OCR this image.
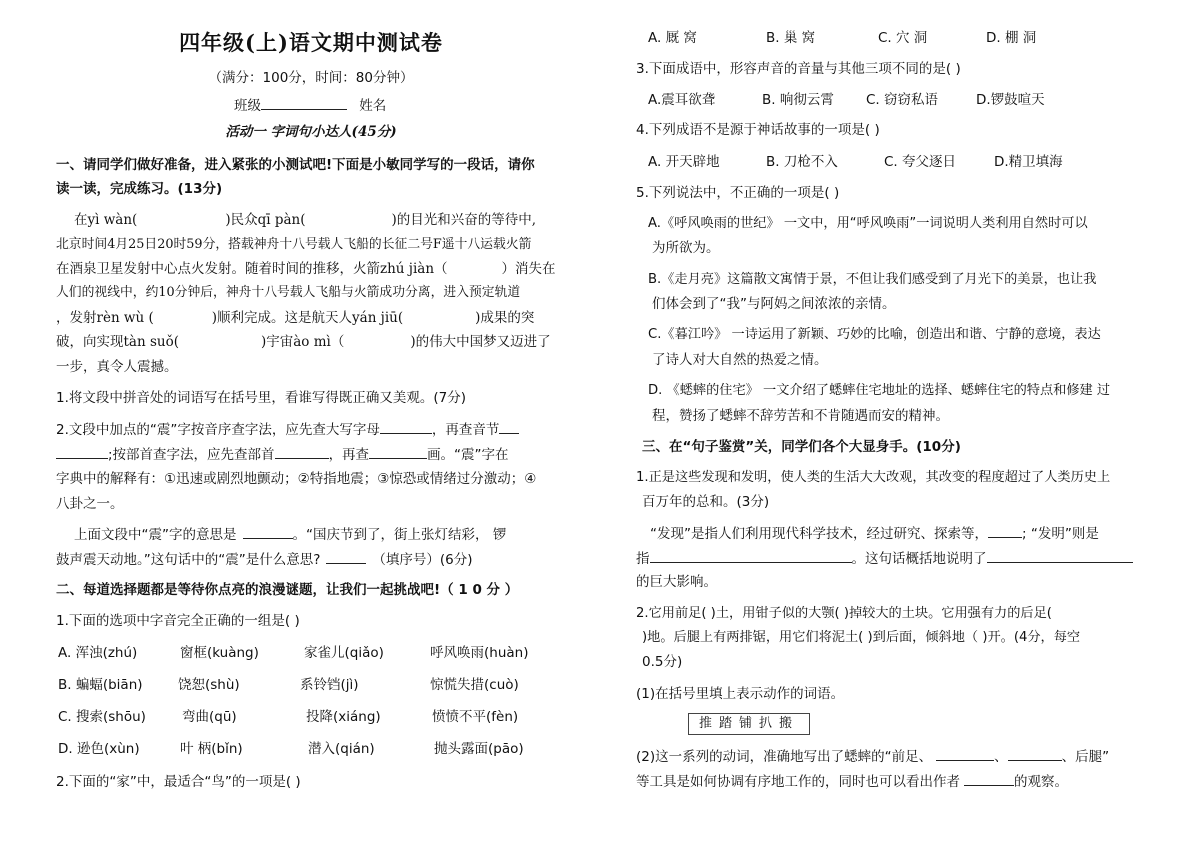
四年级(上)语文期中测试卷
（满分：100分，时间：80分钟）
班级	姓名
活动一 字词句小达人(45分)
一、请同学们做好准备，进入紧张的小测试吧!下面是小敏同学写的一段话，请你
读一读，完成练习。(13分)
在yì wàn(	)民众qī pàn(	)的目光和兴奋的等待中,
北京时间4月25日20时59分，搭载神舟十八号载人飞船的长征二号F遥十八运载火箭
在酒泉卫星发射中心点火发射。随着时间的推移，火箭zhú jiàn（	）消失在
人们的视线中，约10分钟后，神舟十八号载人飞船与火箭成功分离，进入预定轨道
，发射rèn wù (	)顺利完成。这是航天人yán jiū(	)成果的突
破，向实现tàn suǒ(	)宇宙ào mì（	)的伟大中国梦又迈进了
一步，真令人震撼。
1.将文段中拼音处的词语写在括号里，看谁写得既正确又美观。(7分)
2.文段中加点的“震”字按音序查字法，应先查大写字母	，再查音节
;按部首查字法，应先查部首	，再查	画。“震”字在
字典中的解释有：①迅速或剧烈地颤动；②特指地震；③惊恐或情绪过分激动；④
八卦之一。
上面文段中“震”字的意思是	。“国庆节到了，街上张灯结彩， 锣
鼓声震天动地。”这句话中的“震”是什么意思?	（填序号）(6分)
二、每道选择题都是等待你点亮的浪漫谜题，让我们一起挑战吧!（ 1 0 分 ）
1.下面的选项中字音完全正确的一组是( )
A. 浑浊(zhú)	窗框(kuàng)	家雀儿(qiǎo)	呼风唤雨(huàn)
B. 蝙蝠(biān)	饶恕(shù)	系铃铛(jì)	惊慌失措(cuò)
C. 搜索(shōu)	弯曲(qū)	投降(xiáng)	愤愤不平(fèn)
D. 逊色(xùn)	叶 柄(bǐn)	潜入(qián)	抛头露面(pāo)
2.下面的“家”中，最适合“鸟”的一项是( )
A. 厩 窝	B. 巢 窝	C. 穴 洞	D. 棚 洞
3.下面成语中，形容声音的音量与其他三项不同的是( )
A.震耳欲聋	B. 响彻云霄 C. 窃窃私语	D.锣鼓喧天
4.下列成语不是源于神话故事的一项是( )
A. 开天辟地	B. 刀枪不入	C. 夸父逐日	D.精卫填海
5.下列说法中，不正确的一项是( )
A.《呼风唤雨的世纪》 一文中，用“呼风唤雨”一词说明人类利用自然时可以
为所欲为。
B.《走月亮》这篇散文寓情于景，不但让我们感受到了月光下的美景，也让我
们体会到了“我”与阿妈之间浓浓的亲情。
C.《暮江吟》 一诗运用了新颖、巧妙的比喻，创造出和谐、宁静的意境，表达
了诗人对大自然的热爱之情。
D. 《蟋蟀的住宅》 一文介绍了蟋蟀住宅地址的选择、蟋蟀住宅的特点和修建 过
程，赞扬了蟋蟀不辞劳苦和不肯随遇而安的精神。
三、在“句子鉴赏”关，同学们各个大显身手。(10分)
1.正是这些发现和发明，使人类的生活大大改观，其改变的程度超过了人类历史上
百万年的总和。(3分)
“发现”是指人们利用现代科学技术，经过研究、探索等，	; “发明”则是
指	。这句话概括地说明了
的巨大影响。
2.它用前足( )土，用钳子似的大颚( )掉较大的土块。它用强有力的后足(
)地。后腿上有两排锯，用它们将泥土( )到后面，倾斜地（ )开。(4分，每空
0.5分)
(1)在括号里填上表示动作的词语。
推踏铺扒搬
(2)这一系列的动词，准确地写出了蟋蟀的“前足、	、	、后腿”
等工具是如何协调有序地工作的，同时也可以看出作者	的观察。
